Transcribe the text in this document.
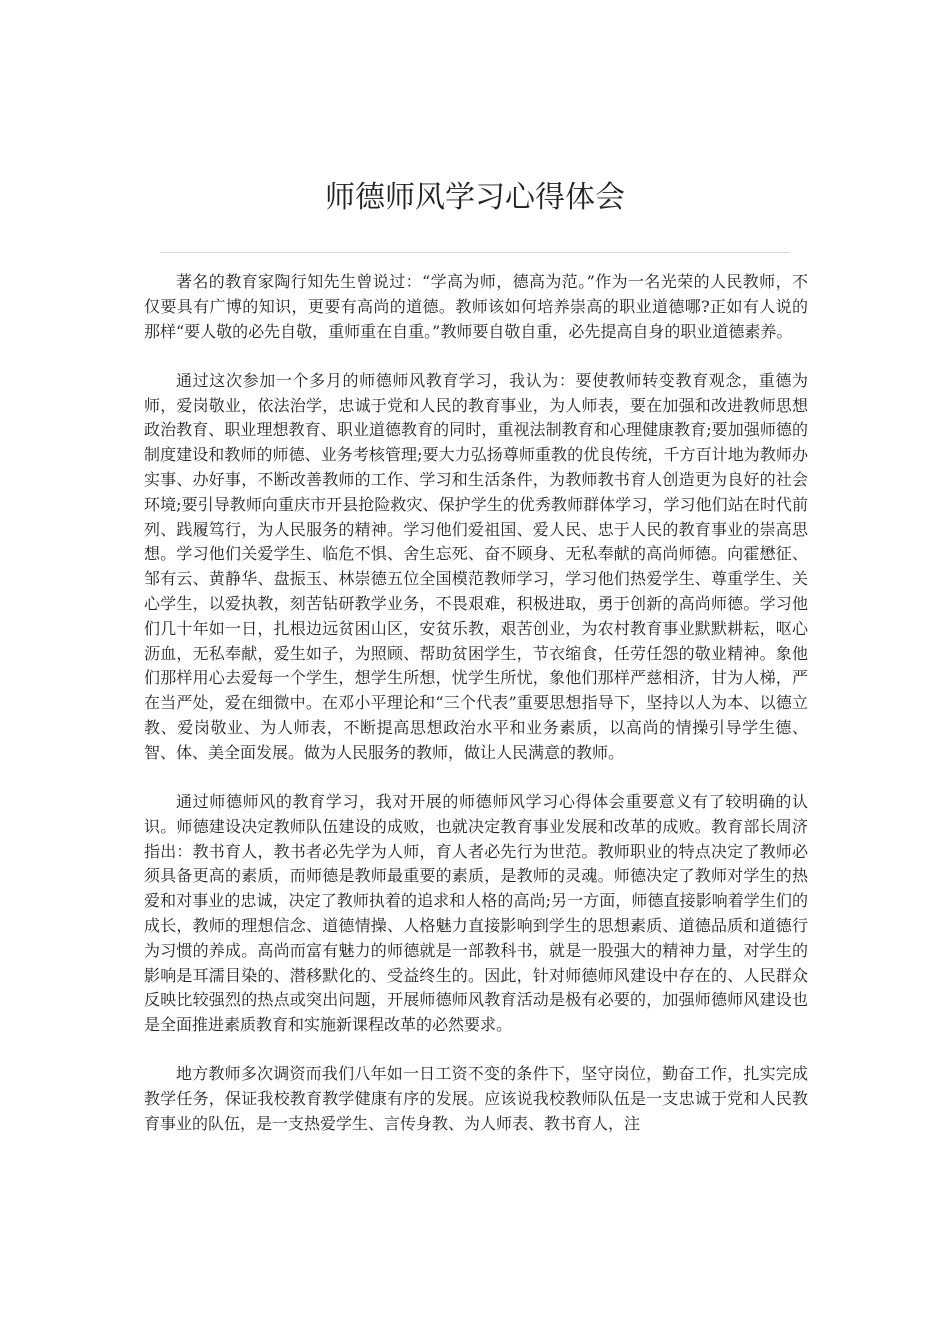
师德师风学习心得体会

著名的教育家陶行知先生曾说过：“学高为师，德高为范。”作为一名光荣的人民教师，不仅要具有广博的知识，更要有高尚的道德。教师该如何培养崇高的职业道德哪?正如有人说的那样“要人敬的必先自敬，重师重在自重。”教师要自敬自重，必先提高自身的职业道德素养。

通过这次参加一个多月的师德师风教育学习，我认为：要使教师转变教育观念，重德为师，爱岗敬业，依法治学，忠诚于党和人民的教育事业，为人师表，要在加强和改进教师思想政治教育、职业理想教育、职业道德教育的同时，重视法制教育和心理健康教育;要加强师德的制度建设和教师的师德、业务考核管理;要大力弘扬尊师重教的优良传统，千方百计地为教师办实事、办好事，不断改善教师的工作、学习和生活条件，为教师教书育人创造更为良好的社会环境;要引导教师向重庆市开县抢险救灾、保护学生的优秀教师群体学习，学习他们站在时代前列、践履笃行，为人民服务的精神。学习他们爱祖国、爱人民、忠于人民的教育事业的崇高思想。学习他们关爱学生、临危不惧、舍生忘死、奋不顾身、无私奉献的高尚师德。向霍懋征、邹有云、黄静华、盘振玉、林崇德五位全国模范教师学习，学习他们热爱学生、尊重学生、关心学生，以爱执教，刻苦钻研教学业务，不畏艰难，积极进取，勇于创新的高尚师德。学习他们几十年如一日，扎根边远贫困山区，安贫乐教，艰苦创业，为农村教育事业默默耕耘，呕心沥血，无私奉献，爱生如子，为照顾、帮助贫困学生，节衣缩食，任劳任怨的敬业精神。象他们那样用心去爱每一个学生，想学生所想，忧学生所忧，象他们那样严慈相济，甘为人梯，严在当严处，爱在细微中。在邓小平理论和“三个代表”重要思想指导下，坚持以人为本、以德立教、爱岗敬业、为人师表，不断提高思想政治水平和业务素质，以高尚的情操引导学生德、智、体、美全面发展。做为人民服务的教师，做让人民满意的教师。

通过师德师风的教育学习，我对开展的师德师风学习心得体会重要意义有了较明确的认识。师德建设决定教师队伍建设的成败，也就决定教育事业发展和改革的成败。教育部长周济指出：教书育人，教书者必先学为人师，育人者必先行为世范。教师职业的特点决定了教师必须具备更高的素质，而师德是教师最重要的素质，是教师的灵魂。师德决定了教师对学生的热爱和对事业的忠诚，决定了教师执着的追求和人格的高尚;另一方面，师德直接影响着学生们的成长，教师的理想信念、道德情操、人格魅力直接影响到学生的思想素质、道德品质和道德行为习惯的养成。高尚而富有魅力的师德就是一部教科书，就是一股强大的精神力量，对学生的影响是耳濡目染的、潜移默化的、受益终生的。因此，针对师德师风建设中存在的、人民群众反映比较强烈的热点或突出问题，开展师德师风教育活动是极有必要的，加强师德师风建设也是全面推进素质教育和实施新课程改革的必然要求。

地方教师多次调资而我们八年如一日工资不变的条件下，坚守岗位，勤奋工作，扎实完成教学任务，保证我校教育教学健康有序的发展。应该说我校教师队伍是一支忠诚于党和人民教育事业的队伍，是一支热爱学生、言传身教、为人师表、教书育人，注
